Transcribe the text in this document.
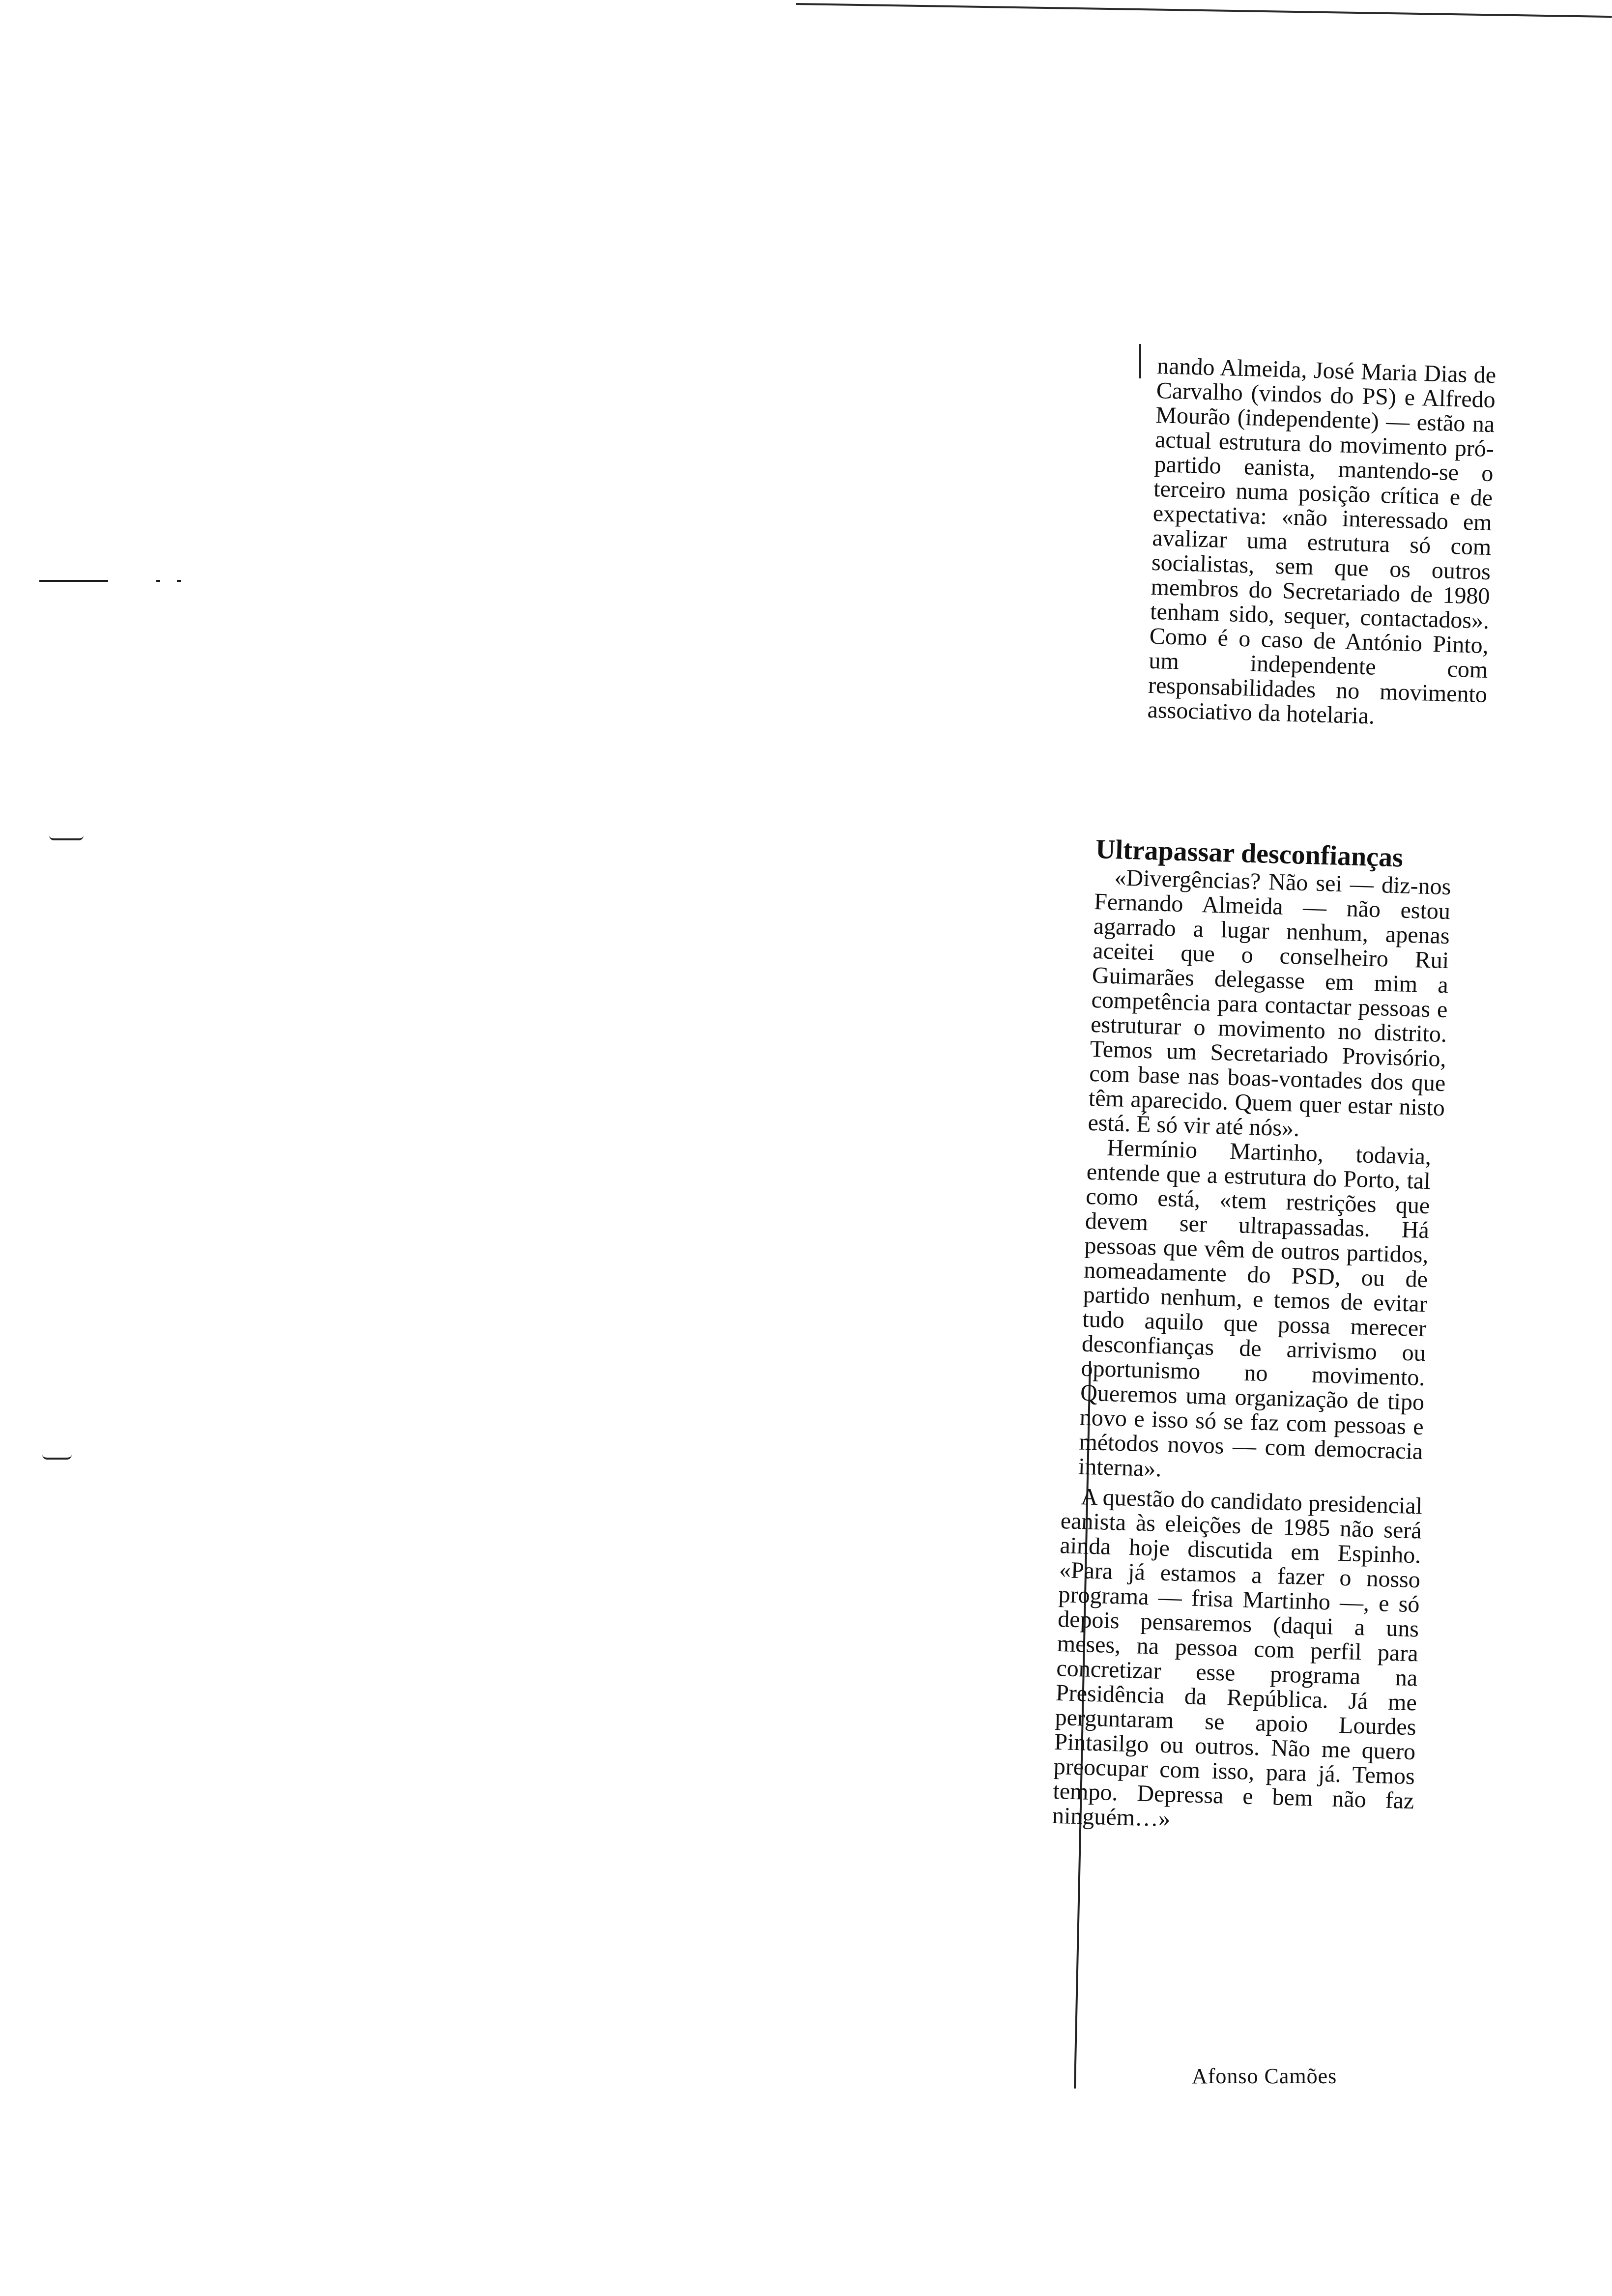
nando Almeida, José Maria Dias de Carvalho (vindos do PS) e Alfredo Mourão (independente) — estão na actual estrutura do movimento pró-partido eanista, mantendo-se o terceiro numa posição crítica e de expectativa: «não interessado em avalizar uma estrutura só com socialistas, sem que os outros membros do Secretariado de 1980 tenham sido, sequer, contactados». Como é o caso de António Pinto, um independente com responsabilidades no movimento associativo da hotelaria.

Ultrapassar desconfianças

«Divergências? Não sei — diz-nos Fernando Almeida — não estou agarrado a lugar nenhum, apenas aceitei que o conselheiro Rui Guimarães delegasse em mim a competência para contactar pessoas e estruturar o movimento no distrito. Temos um Secretariado Provisório, com base nas boas-vontades dos que têm aparecido. Quem quer estar nisto está. É só vir até nós».

Hermínio Martinho, todavia, entende que a estrutura do Porto, tal como está, «tem restrições que devem ser ultrapassadas. Há pessoas que vêm de outros partidos, nomeadamente do PSD, ou de partido nenhum, e temos de evitar tudo aquilo que possa merecer desconfianças de arrivismo ou oportunismo no movimento. Queremos uma organização de tipo novo e isso só se faz com pessoas e métodos novos — com democracia interna».

A questão do candidato presidencial eanista às eleições de 1985 não será ainda hoje discutida em Espinho. «Para já estamos a fazer o nosso programa — frisa Martinho —, e só depois pensaremos (daqui a uns meses, na pessoa com perfil para concretizar esse programa na Presidência da República. Já me perguntaram se apoio Lourdes Pintasilgo ou outros. Não me quero preocupar com isso, para já. Temos tempo. Depressa e bem não faz ninguém…»

Afonso Camões
